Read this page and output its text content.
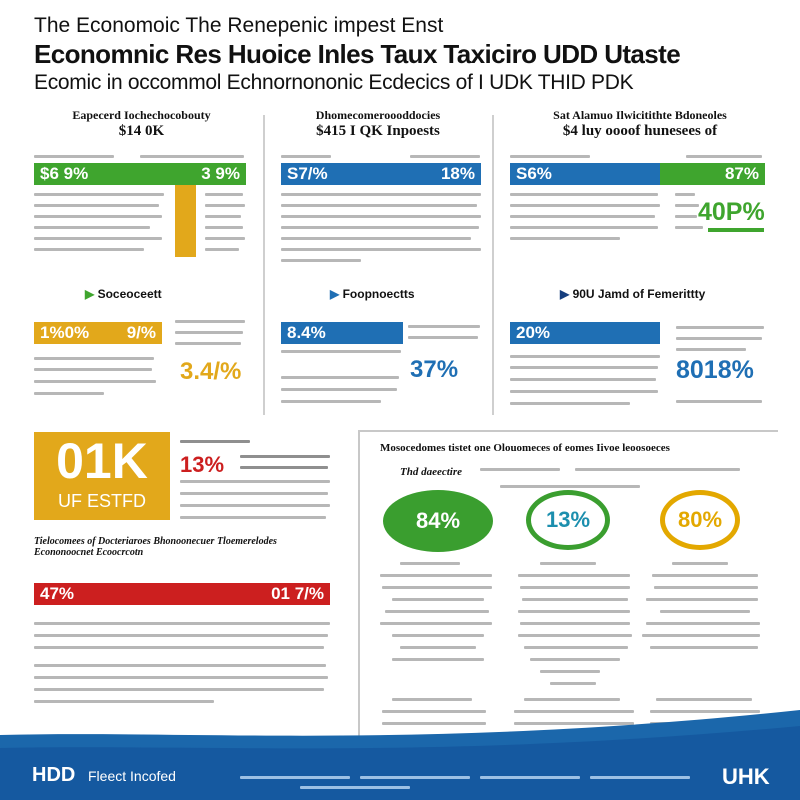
The Economoic The Renepenic impest Enst
Economnic Res Huoice Inles Taux Taxiciro UDD Utaste
Ecomic in occommol Echnornononic Ecdecics of I UDK THID PDK
Eapecerd Iochechocobouty
$14 0K
$6 9%	3 9%
Dhomecomeroooddocies
$415 I QK Inpoests
S7/%	18%
Sat Alamuo Ilwicitithte Bdoneoles
$4 luy oooof hunesees of
S6%	87%
40P%
▶ Soceoceett
1%0% 9/%
3.4/%
▶ Foopnoectts
8.4%
37%
▶ 90U Jamd of Femerittty
20%
8018%
01K
UF ESTFD
13%
Tielocomees of Docteriaroes Bhonoonecuer Tloemerelodes
Econonoocnet Ecoocrcotn
47%	01 7/%
Mosocedomes tistet one Olouomeces of eomes Iivoe leoosoeces
Thd daeectire
84%	13%	80%
HDD Fleect Incofed	UHK
